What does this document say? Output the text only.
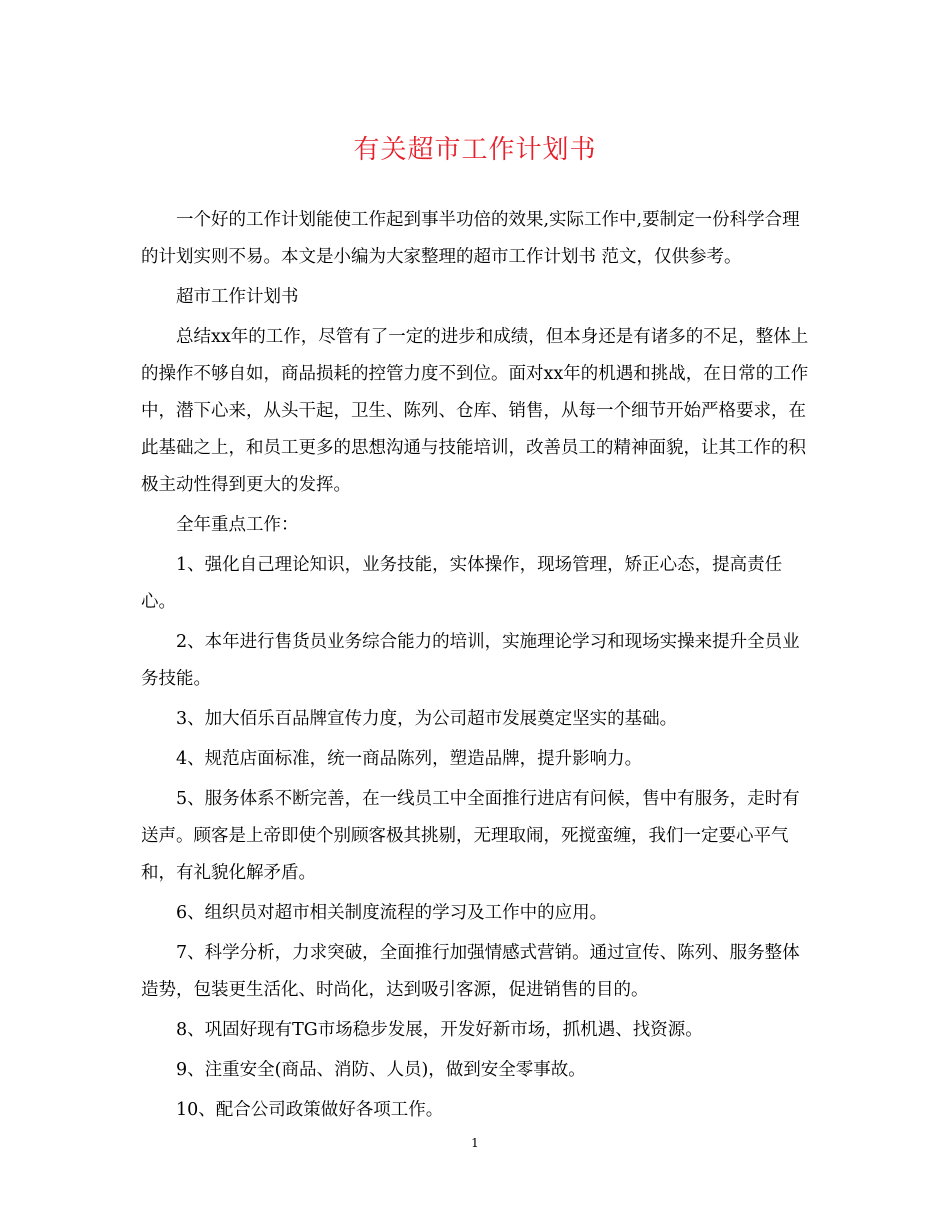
有关超市工作计划书

一个好的工作计划能使工作起到事半功倍的效果,实际工作中,要制定一份科学合理的计划实则不易。本文是小编为大家整理的超市工作计划书 范文，仅供参考。

超市工作计划书

总结xx年的工作，尽管有了一定的进步和成绩，但本身还是有诸多的不足，整体上的操作不够自如，商品损耗的控管力度不到位。面对xx年的机遇和挑战，在日常的工作中，潜下心来，从头干起，卫生、陈列、仓库、销售，从每一个细节开始严格要求，在此基础之上，和员工更多的思想沟通与技能培训，改善员工的精神面貌，让其工作的积极主动性得到更大的发挥。

全年重点工作：

1、强化自己理论知识，业务技能，实体操作，现场管理，矫正心态，提高责任心。

2、本年进行售货员业务综合能力的培训，实施理论学习和现场实操来提升全员业务技能。

3、加大佰乐百品牌宣传力度，为公司超市发展奠定坚实的基础。

4、规范店面标准，统一商品陈列，塑造品牌，提升影响力。

5、服务体系不断完善，在一线员工中全面推行进店有问候，售中有服务，走时有送声。顾客是上帝即使个别顾客极其挑剔，无理取闹，死搅蛮缠，我们一定要心平气和，有礼貌化解矛盾。

6、组织员对超市相关制度流程的学习及工作中的应用。

7、科学分析，力求突破，全面推行加强情感式营销。通过宣传、陈列、服务整体造势，包装更生活化、时尚化，达到吸引客源，促进销售的目的。

8、巩固好现有TG市场稳步发展，开发好新市场，抓机遇、找资源。

9、注重安全(商品、消防、人员)，做到安全零事故。

10、配合公司政策做好各项工作。

1
